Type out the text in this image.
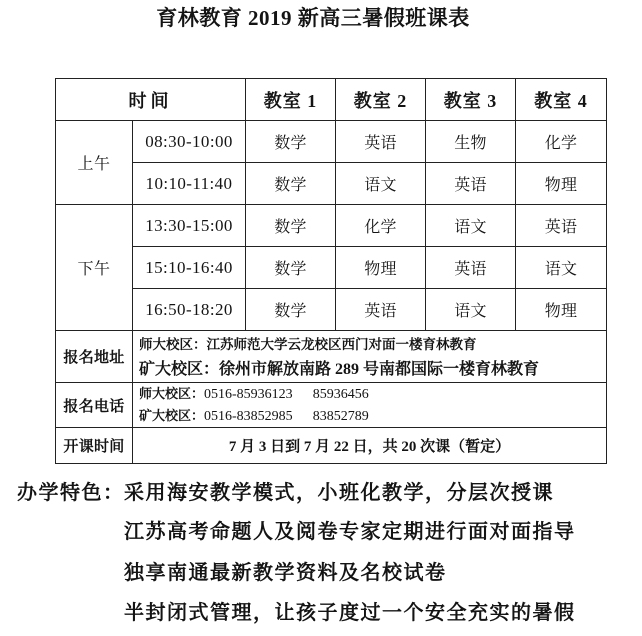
育林教育 2019 新高三暑假班课表
时间		教室 1	教室 2	教室 3	教室 4
上午	08:30-10:00	数学	英语	生物	化学
	10:10-11:40	数学	语文	英语	物理
下午	13:30-15:00	数学	化学	语文	英语
	15:10-16:40	数学	物理	英语	语文
	16:50-18:20	数学	英语	语文	物理
报名地址	师大校区：江苏师范大学云龙校区西门对面一楼育林教育
矿大校区：徐州市解放南路 289 号南都国际一楼育林教育				

报名电话	师大校区：0516-85936123 85936456
矿大校区：0516-83852985 83852789				

开课时间	7 月 3 日到 7 月 22 日，共 20 次课（暂定）				
办学特色： 采用海安教学模式，小班化教学，分层次授课
江苏高考命题人及阅卷专家定期进行面对面指导
独享南通最新教学资料及名校试卷
半封闭式管理，让孩子度过一个安全充实的暑假
